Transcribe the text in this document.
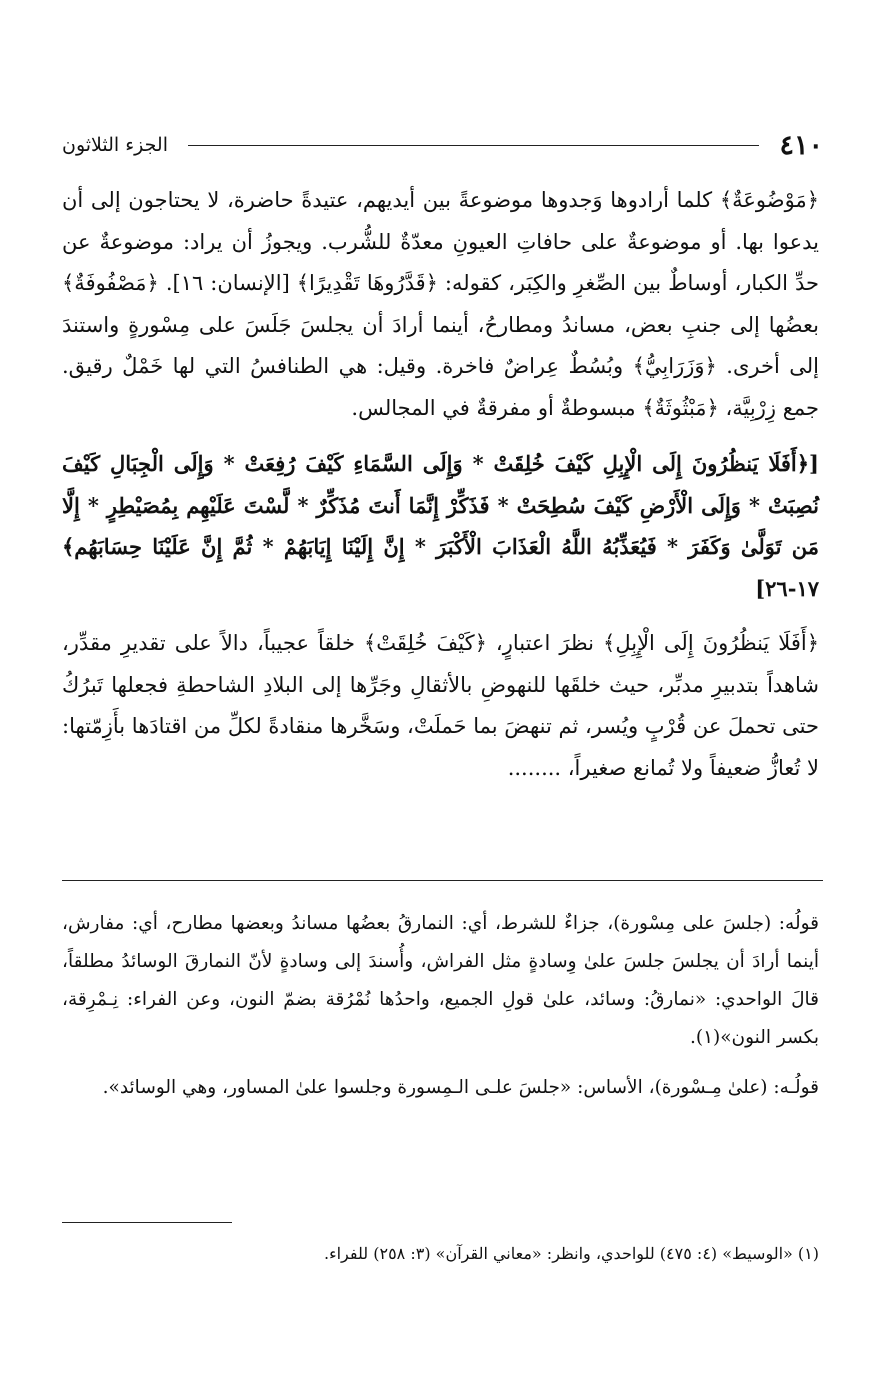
٤١٠
الجزء الثلاثون

﴿مَوْضُوعَةٌ﴾ كلما أرادوها وَجدوها موضوعةً بين أيديهم، عتيدةً حاضرة، لا يحتاجون إلى أن يدعوا بها. أو موضوعةٌ على حافاتِ العيونِ معدّةٌ للشُّرب. ويجوزُ أن يراد: موضوعةٌ عن حدِّ الكبار، أوساطٌ بين الصِّغرِ والكِبَر، كقوله: ﴿قَدَّرُوهَا تَقْدِيرًا﴾ [الإنسان: ١٦]. ﴿مَصْفُوفَةٌ﴾ بعضُها إلى جنبِ بعض، مساندُ ومطارحُ، أينما أرادَ أن يجلسَ جَلَسَ على مِسْورةٍ واستندَ إلى أخرى. ﴿وَزَرَابِيُّ﴾ وبُسُطٌ عِراضٌ فاخرة. وقيل: هي الطنافسُ التي لها خَمْلٌ رقيق. جمع زِرْبِيَّة، ﴿مَبْثُوثَةٌ﴾ مبسوطةٌ أو مفرقةٌ في المجالس.

[﴿أَفَلَا يَنظُرُونَ إِلَى الْإِبِلِ كَيْفَ خُلِقَتْ * وَإِلَى السَّمَاءِ كَيْفَ رُفِعَتْ * وَإِلَى الْجِبَالِ كَيْفَ نُصِبَتْ * وَإِلَى الْأَرْضِ كَيْفَ سُطِحَتْ * فَذَكِّرْ إِنَّمَا أَنتَ مُذَكِّرٌ * لَّسْتَ عَلَيْهِم بِمُصَيْطِرٍ * إِلَّا مَن تَوَلَّىٰ وَكَفَرَ * فَيُعَذِّبُهُ اللَّهُ الْعَذَابَ الْأَكْبَرَ * إِنَّ إِلَيْنَا إِيَابَهُمْ * ثُمَّ إِنَّ عَلَيْنَا حِسَابَهُم﴾ ١٧-٢٦]

﴿أَفَلَا يَنظُرُونَ إِلَى الْإِبِلِ﴾ نظرَ اعتبارٍ، ﴿كَيْفَ خُلِقَتْ﴾ خلقاً عجيباً، دالاً على تقديرِ مقدِّر، شاهداً بتدبيرِ مدبِّر، حيث خلقَها للنهوضِ بالأثقالِ وجَرِّها إلى البلادِ الشاحطةِ فجعلها تَبرُكُ حتى تحملَ عن قُرْبٍ ويُسر، ثم تنهضَ بما حَملَتْ، وسَخَّرها منقادةً لكلِّ من اقتادَها بأَزِمّتها: لا تُعازُّ ضعيفاً ولا تُمانع صغيراً، ........

قولُه: (جلسَ على مِسْورة)، جزاءٌ للشرط، أي: النمارقُ بعضُها مساندُ وبعضها مطارح، أي: مفارش، أينما أرادَ أن يجلسَ جلسَ علىٰ وِسادةٍ مثل الفراش، وأُسندَ إلى وسادةٍ لأنّ النمارقَ الوسائدُ مطلقاً، قالَ الواحدي: «نمارقُ: وسائد، علىٰ قولِ الجميع، واحدُها نُمْرُقة بضمّ النون، وعن الفراء: نِـمْرِقة، بكسر النون»(١).

قولُـه: (علىٰ مِـسْورة)، الأساس: «جلسَ علـى الـمِسورة وجلسوا علىٰ المساور، وهي الوسائد».

(١) «الوسيط» (٤: ٤٧٥) للواحدي، وانظر: «معاني القرآن» (٣: ٢٥٨) للفراء.
